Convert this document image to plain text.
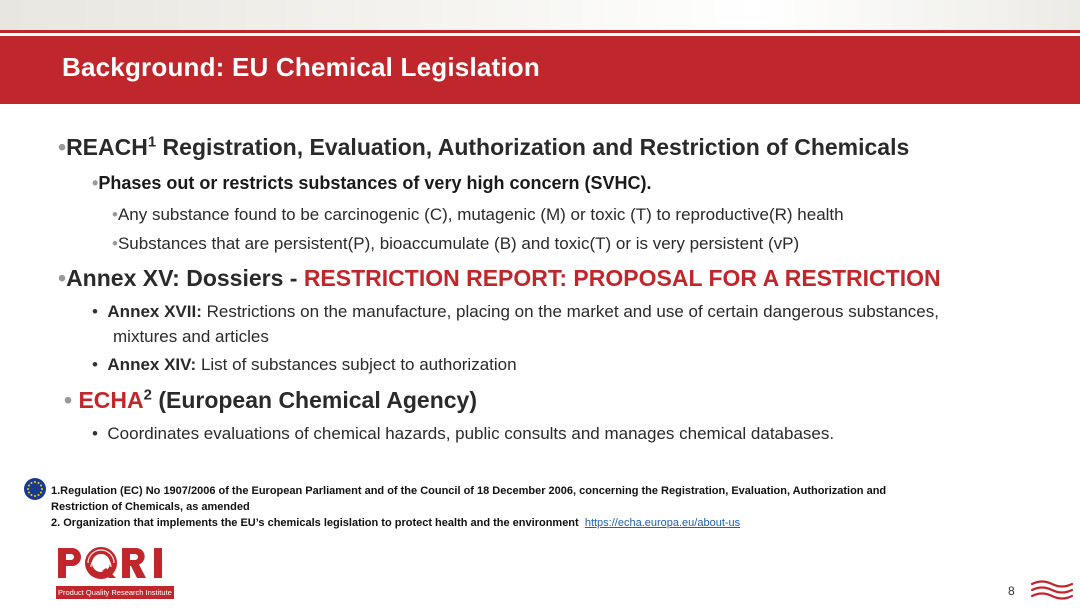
Background: EU Chemical Legislation
•REACH$^1$ Registration, Evaluation, Authorization and Restriction of Chemicals
•Phases out or restricts substances of very high concern (SVHC).
•Any substance found to be carcinogenic (C), mutagenic (M) or toxic (T) to reproductive(R) health
•Substances that are persistent(P), bioaccumulate (B) and toxic(T) or is very persistent (vP)
•Annex XV: Dossiers - RESTRICTION REPORT: PROPOSAL FOR A RESTRICTION
• Annex XVII: Restrictions on the manufacture, placing on the market and use of certain dangerous substances,
mixtures and articles
• Annex XIV: List of substances subject to authorization
• ECHA$^2$ (European Chemical Agency)
• Coordinates evaluations of chemical hazards, public consults and manages chemical databases.
1.Regulation (EC) No 1907/2006 of the European Parliament and of the Council of 18 December 2006, concerning the Registration, Evaluation, Authorization and
Restriction of Chemicals, as amended
2. Organization that implements the EU’s chemicals legislation to protect health and the environment https://echa.europa.eu/about-us
Product Quality Research Institute	8
